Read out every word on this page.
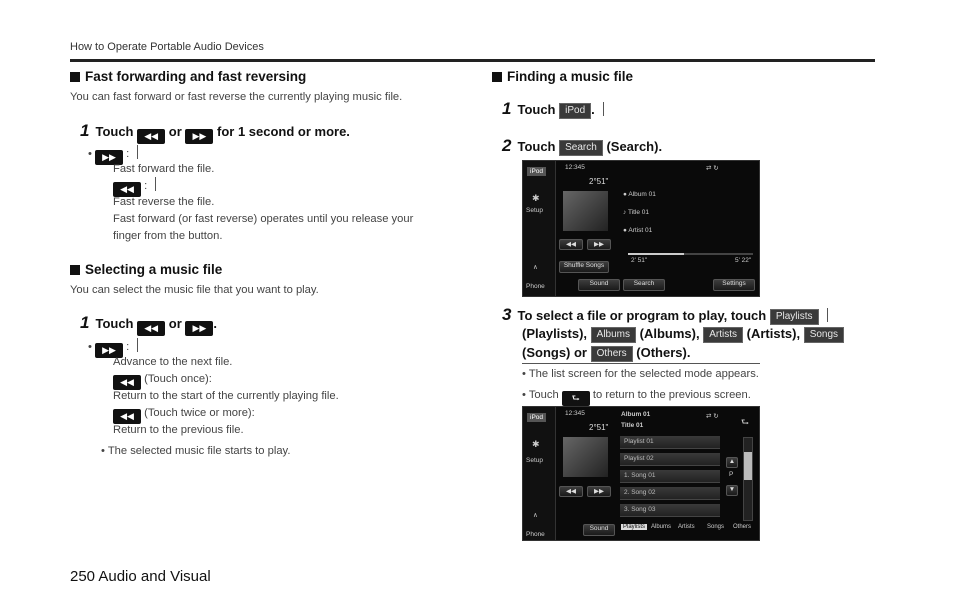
How to Operate Portable Audio Devices
Fast forwarding and fast reversing
You can fast forward or fast reverse the currently playing music file.
1 Touch ◀◀ or ▶▶ for 1 second or more.
• ▶▶ :
Fast forward the file.
◀◀ :
Fast reverse the file.
Fast forward (or fast reverse) operates until you release your finger from the button.
Selecting a music file
You can select the music file that you want to play.
1 Touch ◀◀ or ▶▶ .
• ▶▶ :
Advance to the next file.
◀◀ (Touch once):
Return to the start of the currently playing file.
◀◀ (Touch twice or more):
Return to the previous file.
• The selected music file starts to play.
Finding a music file
1 Touch iPod .
2 Touch Search (Search).
iPod
✱
Setup
∧
Phone
12:345
2°51"
⇄ ↻
● Album 01
♪ Title 01
● Artist 01
◀◀	▶▶
2' 51"	5' 22"
Shuffle Songs
Sound	Search	Settings
3 To select a file or program to play, touch Playlists
(Playlists), Albums (Albums), Artists (Artists), Songs
(Songs) or Others (Others).
• The list screen for the selected mode appears.
• Touch ⮑ to return to the previous screen.
iPod
✱
Setup
∧
Phone
12:345
2°51"
Album 01
Title 01
⇄ ↻
⮑
◀◀	▶▶
Playlist 01
Playlist 02
1. Song 01
2. Song 02
3. Song 03
▲
P
▼
Sound	Playlists Albums Artists Songs Others
250 Audio and Visual
